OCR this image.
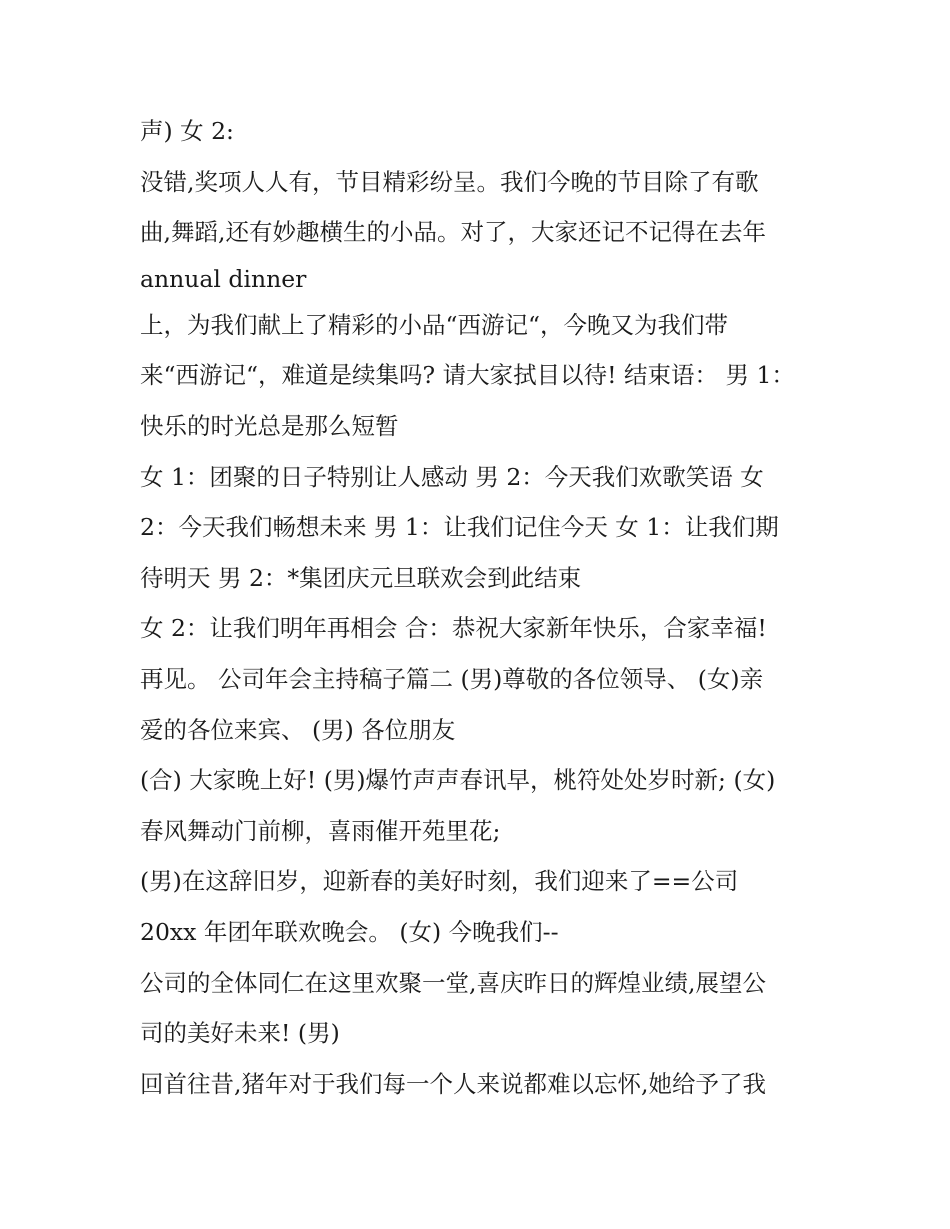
声) 女 2:
没错,奖项人人有，节目精彩纷呈。我们今晚的节目除了有歌
曲,舞蹈,还有妙趣横生的小品。对了，大家还记不记得在去年
annual dinner
上，为我们献上了精彩的小品“西游记“，今晚又为我们带
来“西游记“，难道是续集吗? 请大家拭目以待! 结束语： 男 1：
快乐的时光总是那么短暂
女 1：团聚的日子特别让人感动 男 2：今天我们欢歌笑语 女
2：今天我们畅想未来 男 1：让我们记住今天 女 1：让我们期
待明天 男 2：*集团庆元旦联欢会到此结束
女 2：让我们明年再相会 合：恭祝大家新年快乐，合家幸福!
再见。 公司年会主持稿子篇二 (男)尊敬的各位领导、 (女)亲
爱的各位来宾、 (男) 各位朋友
(合) 大家晚上好! (男)爆竹声声春讯早，桃符处处岁时新; (女)
春风舞动门前柳，喜雨催开苑里花;
(男)在这辞旧岁，迎新春的美好时刻，我们迎来了==公司
20xx 年团年联欢晚会。 (女) 今晚我们--
公司的全体同仁在这里欢聚一堂,喜庆昨日的辉煌业绩,展望公
司的美好未来! (男)
回首往昔,猪年对于我们每一个人来说都难以忘怀,她给予了我
